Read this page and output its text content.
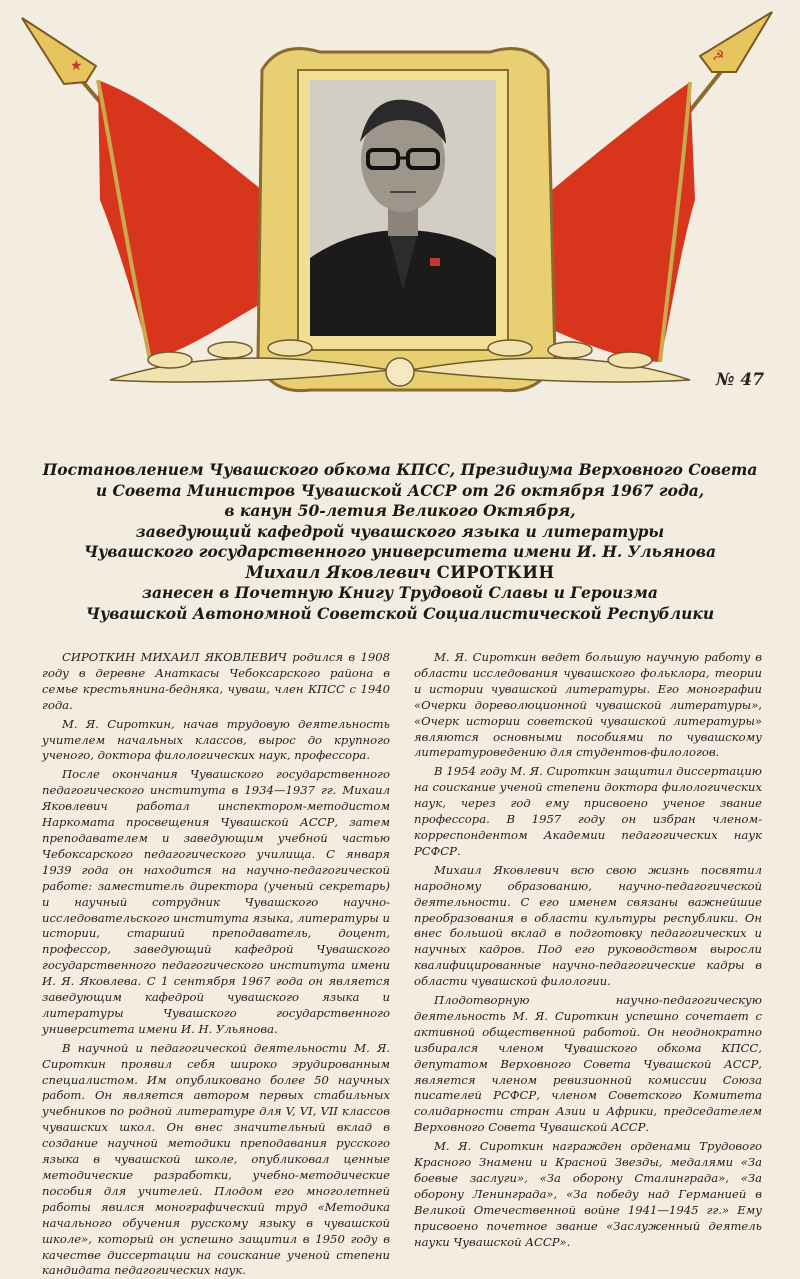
★
☭
№ 47
Постановлением Чувашского обкома КПСС, Президиума Верховного Совета
и Совета Министров Чувашской АССР от 26 октября 1967 года,
в канун 50-летия Великого Октября,
заведующий кафедрой чувашского языка и литературы
Чувашского государственного университета имени И. Н. Ульянова
Михаил Яковлевич СИРОТКИН
занесен в Почетную Книгу Трудовой Славы и Героизма
Чувашской Автономной Советской Социалистической Республики

СИРОТКИН МИХАИЛ ЯКОВЛЕВИЧ родился в 1908 году в деревне Анаткасы Чебоксарского района в семье крестьянина-бедняка, чуваш, член КПСС с 1940 года.

М. Я. Сироткин, начав трудовую деятельность учителем начальных классов, вырос до крупного ученого, доктора филологических наук, профессора.

После окончания Чувашского государственного педагогического института в 1934—1937 гг. Михаил Яковлевич работал инспектором-методистом Наркомата просвещения Чувашской АССР, затем преподавателем и заведующим учебной частью Чебоксарского педагогического училища. С января 1939 года он находится на научно-педагогической работе: заместитель директора (ученый секретарь) и научный сотрудник Чувашского научно-исследовательского института языка, литературы и истории, старший преподаватель, доцент, профессор, заведующий кафедрой Чувашского государственного педагогического института имени И. Я. Яковлева. С 1 сентября 1967 года он является заведующим кафедрой чувашского языка и литературы Чувашского государственного университета имени И. Н. Ульянова.

В научной и педагогической деятельности М. Я. Сироткин проявил себя широко эрудированным специалистом. Им опубликовано более 50 научных работ. Он является автором первых стабильных учебников по родной литературе для V, VI, VII классов чувашских школ. Он внес значительный вклад в создание научной методики преподавания русского языка в чувашской школе, опубликовал ценные методические разработки, учебно-методические пособия для учителей. Плодом его многолетней работы явился монографический труд «Методика начального обучения русскому языку в чувашской школе», который он успешно защитил в 1950 году в качестве диссертации на соискание ученой степени кандидата педагогических наук.

М. Я. Сироткин ведет большую научную работу в области исследования чувашского фольклора, теории и истории чувашской литературы. Его монографии «Очерки дореволюционной чувашской литературы», «Очерк истории советской чувашской литературы» являются основными пособиями по чувашскому литературоведению для студентов-филологов.

В 1954 году М. Я. Сироткин защитил диссертацию на соискание ученой степени доктора филологических наук, через год ему присвоено ученое звание профессора. В 1957 году он избран членом-корреспондентом Академии педагогических наук РСФСР.

Михаил Яковлевич всю свою жизнь посвятил народному образованию, научно-педагогической деятельности. С его именем связаны важнейшие преобразования в области культуры республики. Он внес большой вклад в подготовку педагогических и научных кадров. Под его руководством выросли квалифицированные научно-педагогические кадры в области чувашской филологии.

Плодотворную научно-педагогическую деятельность М. Я. Сироткин успешно сочетает с активной общественной работой. Он неоднократно избирался членом Чувашского обкома КПСС, депутатом Верховного Совета Чувашской АССР, является членом ревизионной комиссии Союза писателей РСФСР, членом Советского Комитета солидарности стран Азии и Африки, председателем Верховного Совета Чувашской АССР.

М. Я. Сироткин награжден орденами Трудового Красного Знамени и Красной Звезды, медалями «За боевые заслуги», «За оборону Сталинграда», «За оборону Ленинграда», «За победу над Германией в Великой Отечественной войне 1941—1945 гг.» Ему присвоено почетное звание «Заслуженный деятель науки Чувашской АССР».
